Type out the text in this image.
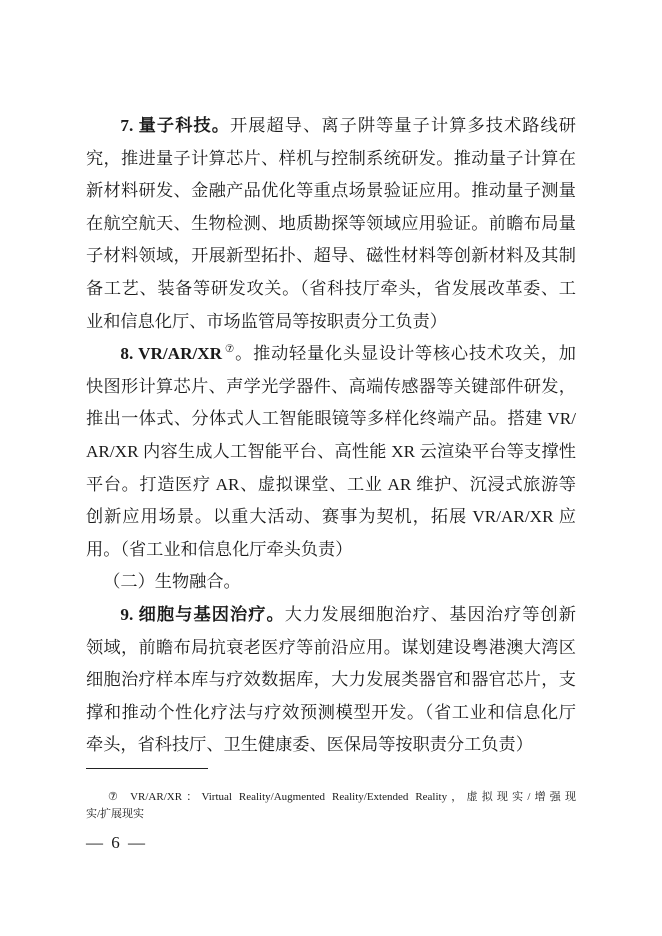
7. 量子科技。开展超导、离子阱等量子计算多技术路线研
究，推进量子计算芯片、样机与控制系统研发。推动量子计算在
新材料研发、金融产品优化等重点场景验证应用。推动量子测量
在航空航天、生物检测、地质勘探等领域应用验证。前瞻布局量
子材料领域，开展新型拓扑、超导、磁性材料等创新材料及其制
备工艺、装备等研发攻关。（省科技厅牵头，省发展改革委、工
业和信息化厅、市场监管局等按职责分工负责）
8. VR/AR/XR ⑦。推动轻量化头显设计等核心技术攻关，加
快图形计算芯片、声学光学器件、高端传感器等关键部件研发，
推出一体式、分体式人工智能眼镜等多样化终端产品。搭建 VR/
AR/XR 内容生成人工智能平台、高性能 XR 云渲染平台等支撑性
平台。打造医疗 AR、虚拟课堂、工业 AR 维护、沉浸式旅游等
创新应用场景。以重大活动、赛事为契机，拓展 VR/AR/XR 应
用。（省工业和信息化厅牵头负责）
（二）生物融合。
9. 细胞与基因治疗。大力发展细胞治疗、基因治疗等创新
领域，前瞻布局抗衰老医疗等前沿应用。谋划建设粤港澳大湾区
细胞治疗样本库与疗效数据库，大力发展类器官和器官芯片，支
撑和推动个性化疗法与疗效预测模型开发。（省工业和信息化厅
牵头，省科技厅、卫生健康委、医保局等按职责分工负责）
⑦ VR/AR/XR：Virtual Reality/Augmented Reality/Extended Reality，虚拟现实/增强现
实/扩展现实
— 6 —
